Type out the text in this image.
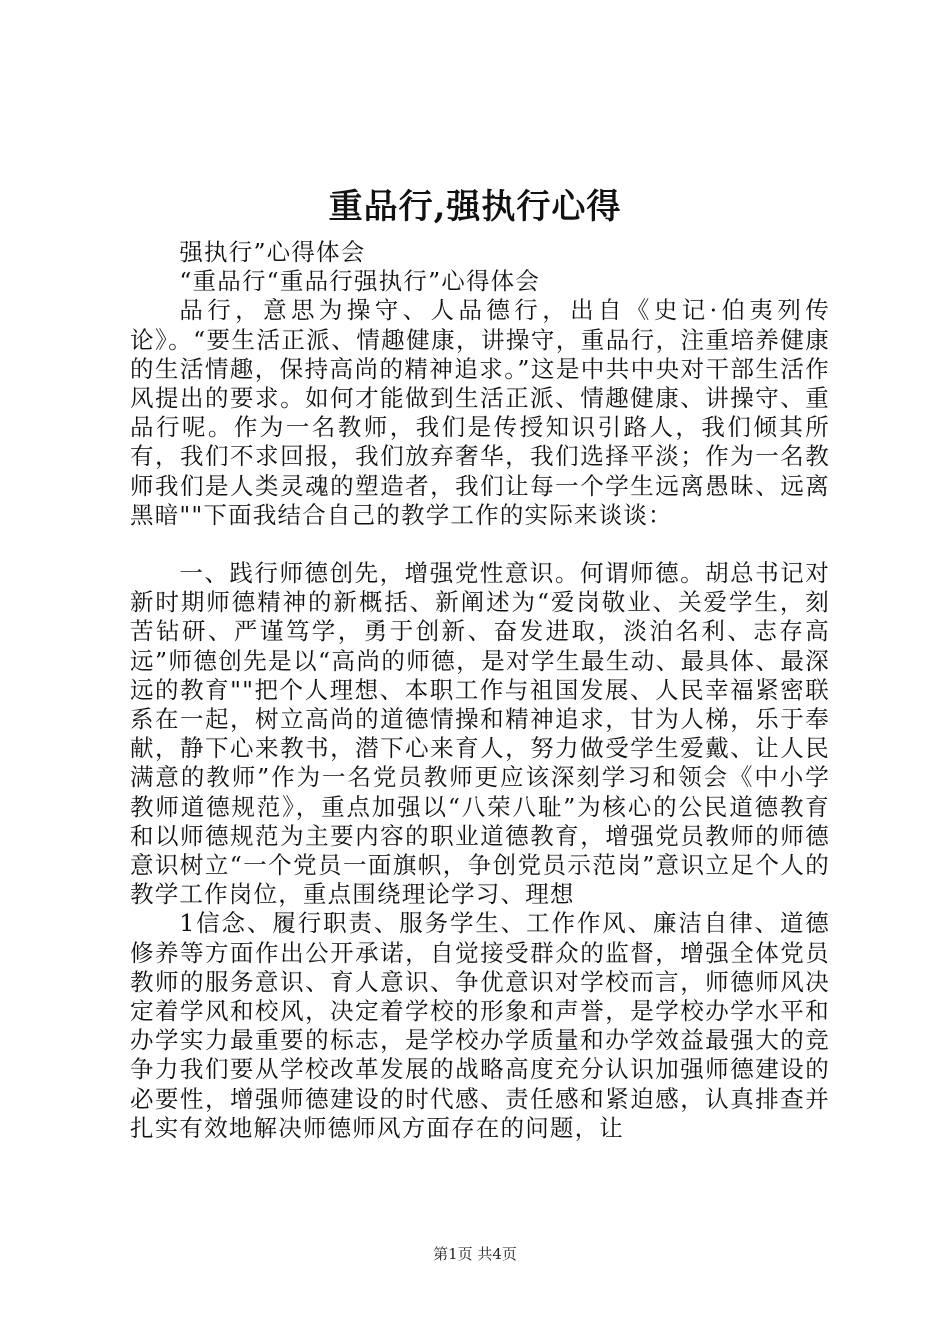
重品行,强执行心得

强执行”心得体会

“重品行“重品行强执行”心得体会

品行，意思为操守、人品德行，出自《史记·伯夷列传论》。“要生活正派、情趣健康，讲操守，重品行，注重培养健康的生活情趣，保持高尚的精神追求。”这是中共中央对干部生活作风提出的要求。如何才能做到生活正派、情趣健康、讲操守、重品行呢。作为一名教师，我们是传授知识引路人，我们倾其所有，我们不求回报，我们放弃奢华，我们选择平淡；作为一名教师我们是人类灵魂的塑造者，我们让每一个学生远离愚昧、远离黑暗""下面我结合自己的教学工作的实际来谈谈：

一、践行师德创先，增强党性意识。何谓师德。胡总书记对新时期师德精神的新概括、新阐述为“爱岗敬业、关爱学生，刻苦钻研、严谨笃学，勇于创新、奋发进取，淡泊名利、志存高远”师德创先是以“高尚的师德，是对学生最生动、最具体、最深远的教育""把个人理想、本职工作与祖国发展、人民幸福紧密联系在一起，树立高尚的道德情操和精神追求，甘为人梯，乐于奉献，静下心来教书，潜下心来育人，努力做受学生爱戴、让人民满意的教师”作为一名党员教师更应该深刻学习和领会《中小学教师道德规范》，重点加强以“八荣八耻”为核心的公民道德教育和以师德规范为主要内容的职业道德教育，增强党员教师的师德意识树立“一个党员一面旗帜，争创党员示范岗”意识立足个人的教学工作岗位，重点围绕理论学习、理想

1信念、履行职责、服务学生、工作作风、廉洁自律、道德修养等方面作出公开承诺，自觉接受群众的监督，增强全体党员教师的服务意识、育人意识、争优意识对学校而言，师德师风决定着学风和校风，决定着学校的形象和声誉，是学校办学水平和办学实力最重要的标志，是学校办学质量和办学效益最强大的竞争力我们要从学校改革发展的战略高度充分认识加强师德建设的必要性，增强师德建设的时代感、责任感和紧迫感，认真排查并扎实有效地解决师德师风方面存在的问题，让

第1页 共4页
